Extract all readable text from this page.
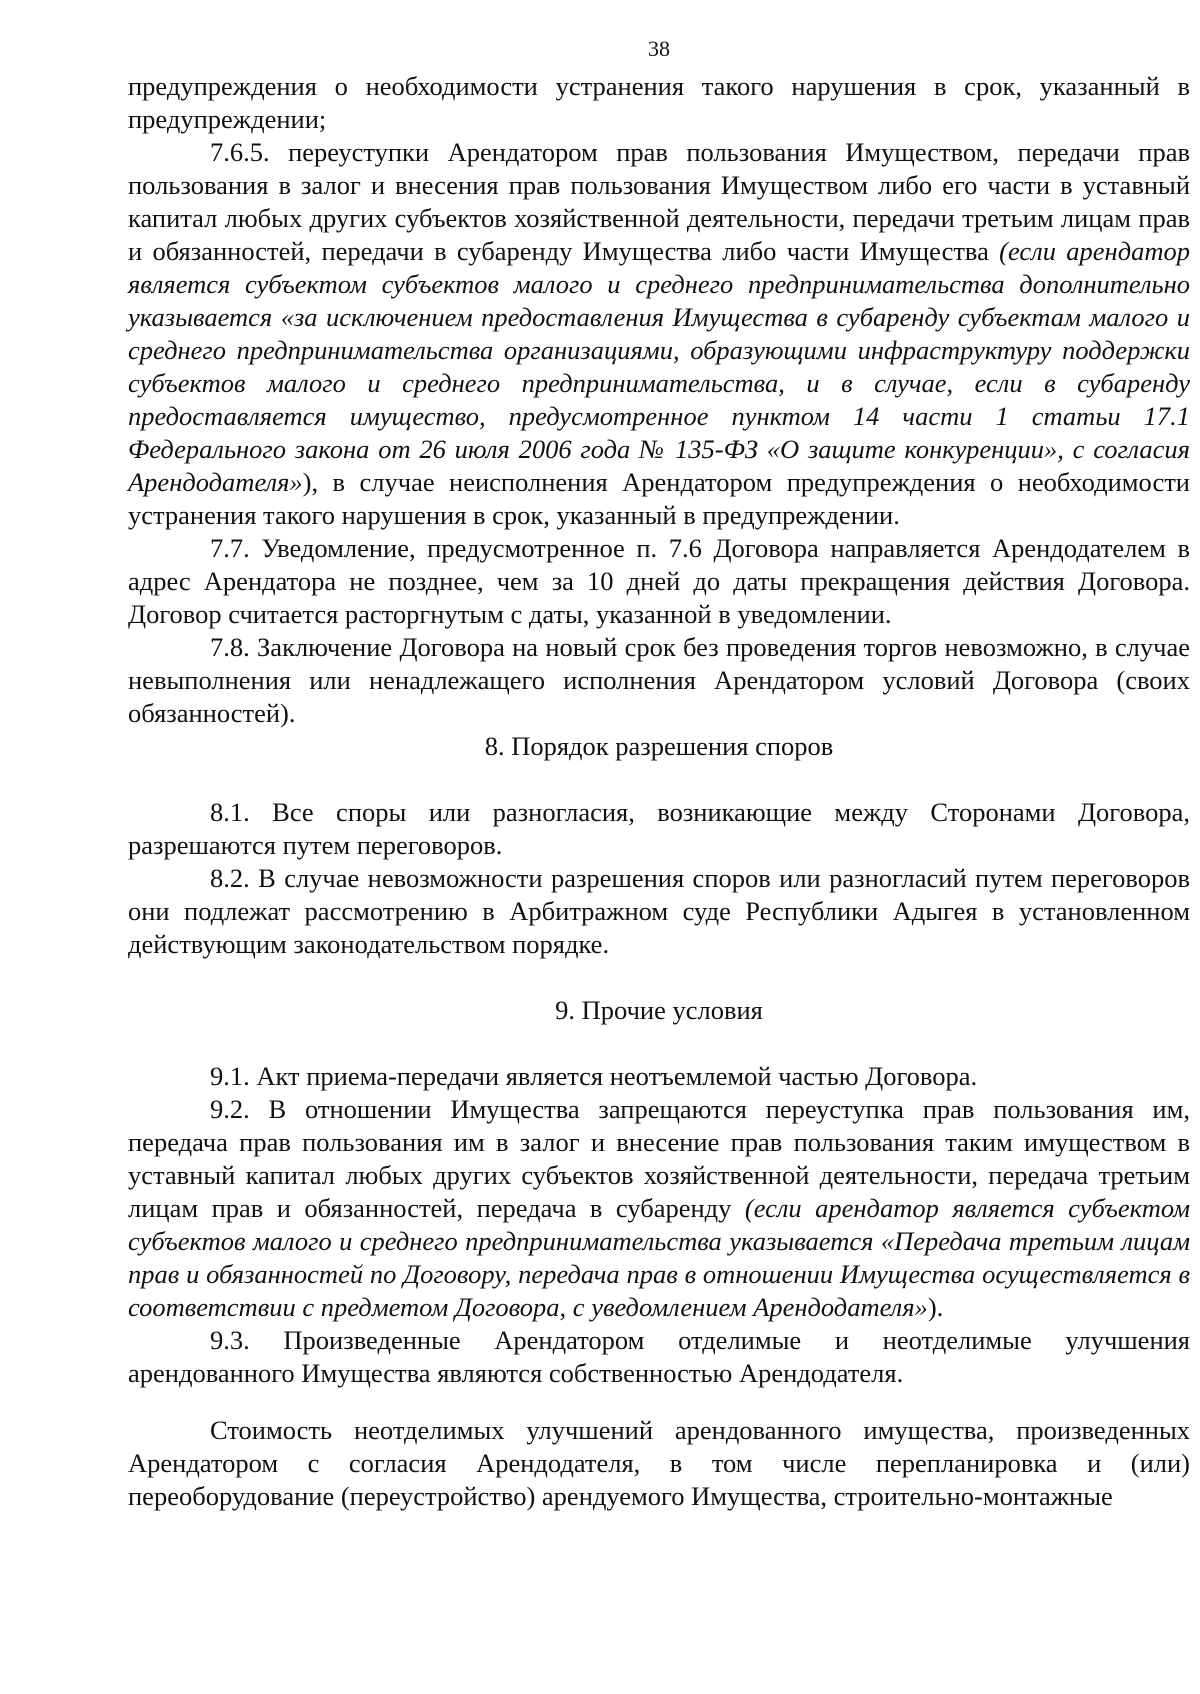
38

предупреждения о необходимости устранения такого нарушения в срок, указанный в предупреждении;

7.6.5. переуступки Арендатором прав пользования Имуществом, передачи прав пользования в залог и внесения прав пользования Имуществом либо его части в уставный капитал любых других субъектов хозяйственной деятельности, передачи третьим лицам прав и обязанностей, передачи в субаренду Имущества либо части Имущества (если арендатор является субъектом субъектов малого и среднего предпринимательства дополнительно указывается «за исключением предоставления Имущества в субаренду субъектам малого и среднего предпринимательства организациями, образующими инфраструктуру поддержки субъектов малого и среднего предпринимательства, и в случае, если в субаренду предоставляется имущество, предусмотренное пунктом 14 части 1 статьи 17.1 Федерального закона от 26 июля 2006 года № 135-ФЗ «О защите конкуренции», с согласия Арендодателя»), в случае неисполнения Арендатором предупреждения о необходимости устранения такого нарушения в срок, указанный в предупреждении.

7.7. Уведомление, предусмотренное п. 7.6 Договора направляется Арендодателем в адрес Арендатора не позднее, чем за 10 дней до даты прекращения действия Договора. Договор считается расторгнутым с даты, указанной в уведомлении.

7.8. Заключение Договора на новый срок без проведения торгов невозможно, в случае невыполнения или ненадлежащего исполнения Арендатором условий Договора (своих обязанностей).

8. Порядок разрешения споров

8.1. Все споры или разногласия, возникающие между Сторонами Договора, разрешаются путем переговоров.

8.2. В случае невозможности разрешения споров или разногласий путем переговоров они подлежат рассмотрению в Арбитражном суде Республики Адыгея в установленном действующим законодательством порядке.

9. Прочие условия

9.1. Акт приема-передачи является неотъемлемой частью Договора.

9.2. В отношении Имущества запрещаются переуступка прав пользования им, передача прав пользования им в залог и внесение прав пользования таким имуществом в уставный капитал любых других субъектов хозяйственной деятельности, передача третьим лицам прав и обязанностей, передача в субаренду (если арендатор является субъектом субъектов малого и среднего предпринимательства указывается «Передача третьим лицам прав и обязанностей по Договору, передача прав в отношении Имущества осуществляется в соответствии с предметом Договора, с уведомлением Арендодателя»).

9.3. Произведенные Арендатором отделимые и неотделимые улучшения арендованного Имущества являются собственностью Арендодателя.

Стоимость неотделимых улучшений арендованного имущества, произведенных Арендатором с согласия Арендодателя, в том числе перепланировка и (или) переоборудование (переустройство) арендуемого Имущества, строительно-монтажные
